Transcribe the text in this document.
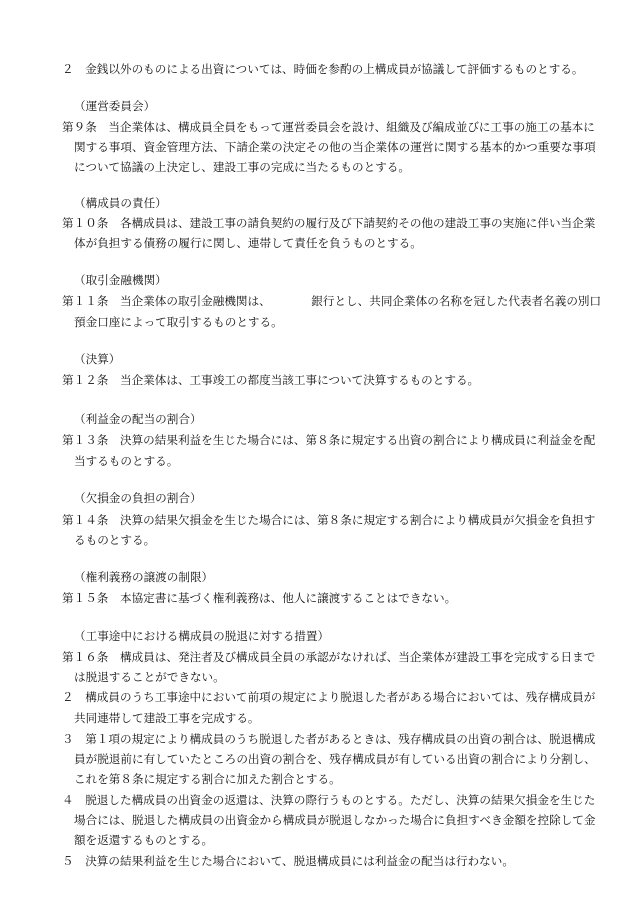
２　金銭以外のものによる出資については、時価を参酌の上構成員が協議して評価するものとする。
（運営委員会）
第９条　当企業体は、構成員全員をもって運営委員会を設け、組織及び編成並びに工事の施工の基本に
関する事項、資金管理方法、下請企業の決定その他の当企業体の運営に関する基本的かつ重要な事項
について協議の上決定し、建設工事の完成に当たるものとする。
（構成員の責任）
第１０条　各構成員は、建設工事の請負契約の履行及び下請契約その他の建設工事の実施に伴い当企業
体が負担する債務の履行に関し、連帯して責任を負うものとする。
（取引金融機関）
第１１条　当企業体の取引金融機関は、　　　　銀行とし、共同企業体の名称を冠した代表者名義の別口
預金口座によって取引するものとする。
（決算）
第１２条　当企業体は、工事竣工の都度当該工事について決算するものとする。
（利益金の配当の割合）
第１３条　決算の結果利益を生じた場合には、第８条に規定する出資の割合により構成員に利益金を配
当するものとする。
（欠損金の負担の割合）
第１４条　決算の結果欠損金を生じた場合には、第８条に規定する割合により構成員が欠損金を負担す
るものとする。
（権利義務の譲渡の制限）
第１５条　本協定書に基づく権利義務は、他人に譲渡することはできない。
（工事途中における構成員の脱退に対する措置）
第１６条　構成員は、発注者及び構成員全員の承認がなければ、当企業体が建設工事を完成する日まで
は脱退することができない。
２　構成員のうち工事途中において前項の規定により脱退した者がある場合においては、残存構成員が
共同連帯して建設工事を完成する。
３　第１項の規定により構成員のうち脱退した者があるときは、残存構成員の出資の割合は、脱退構成
員が脱退前に有していたところの出資の割合を、残存構成員が有している出資の割合により分割し、
これを第８条に規定する割合に加えた割合とする。
４　脱退した構成員の出資金の返還は、決算の際行うものとする。ただし、決算の結果欠損金を生じた
場合には、脱退した構成員の出資金から構成員が脱退しなかった場合に負担すべき金額を控除して金
額を返還するものとする。
５　決算の結果利益を生じた場合において、脱退構成員には利益金の配当は行わない。
